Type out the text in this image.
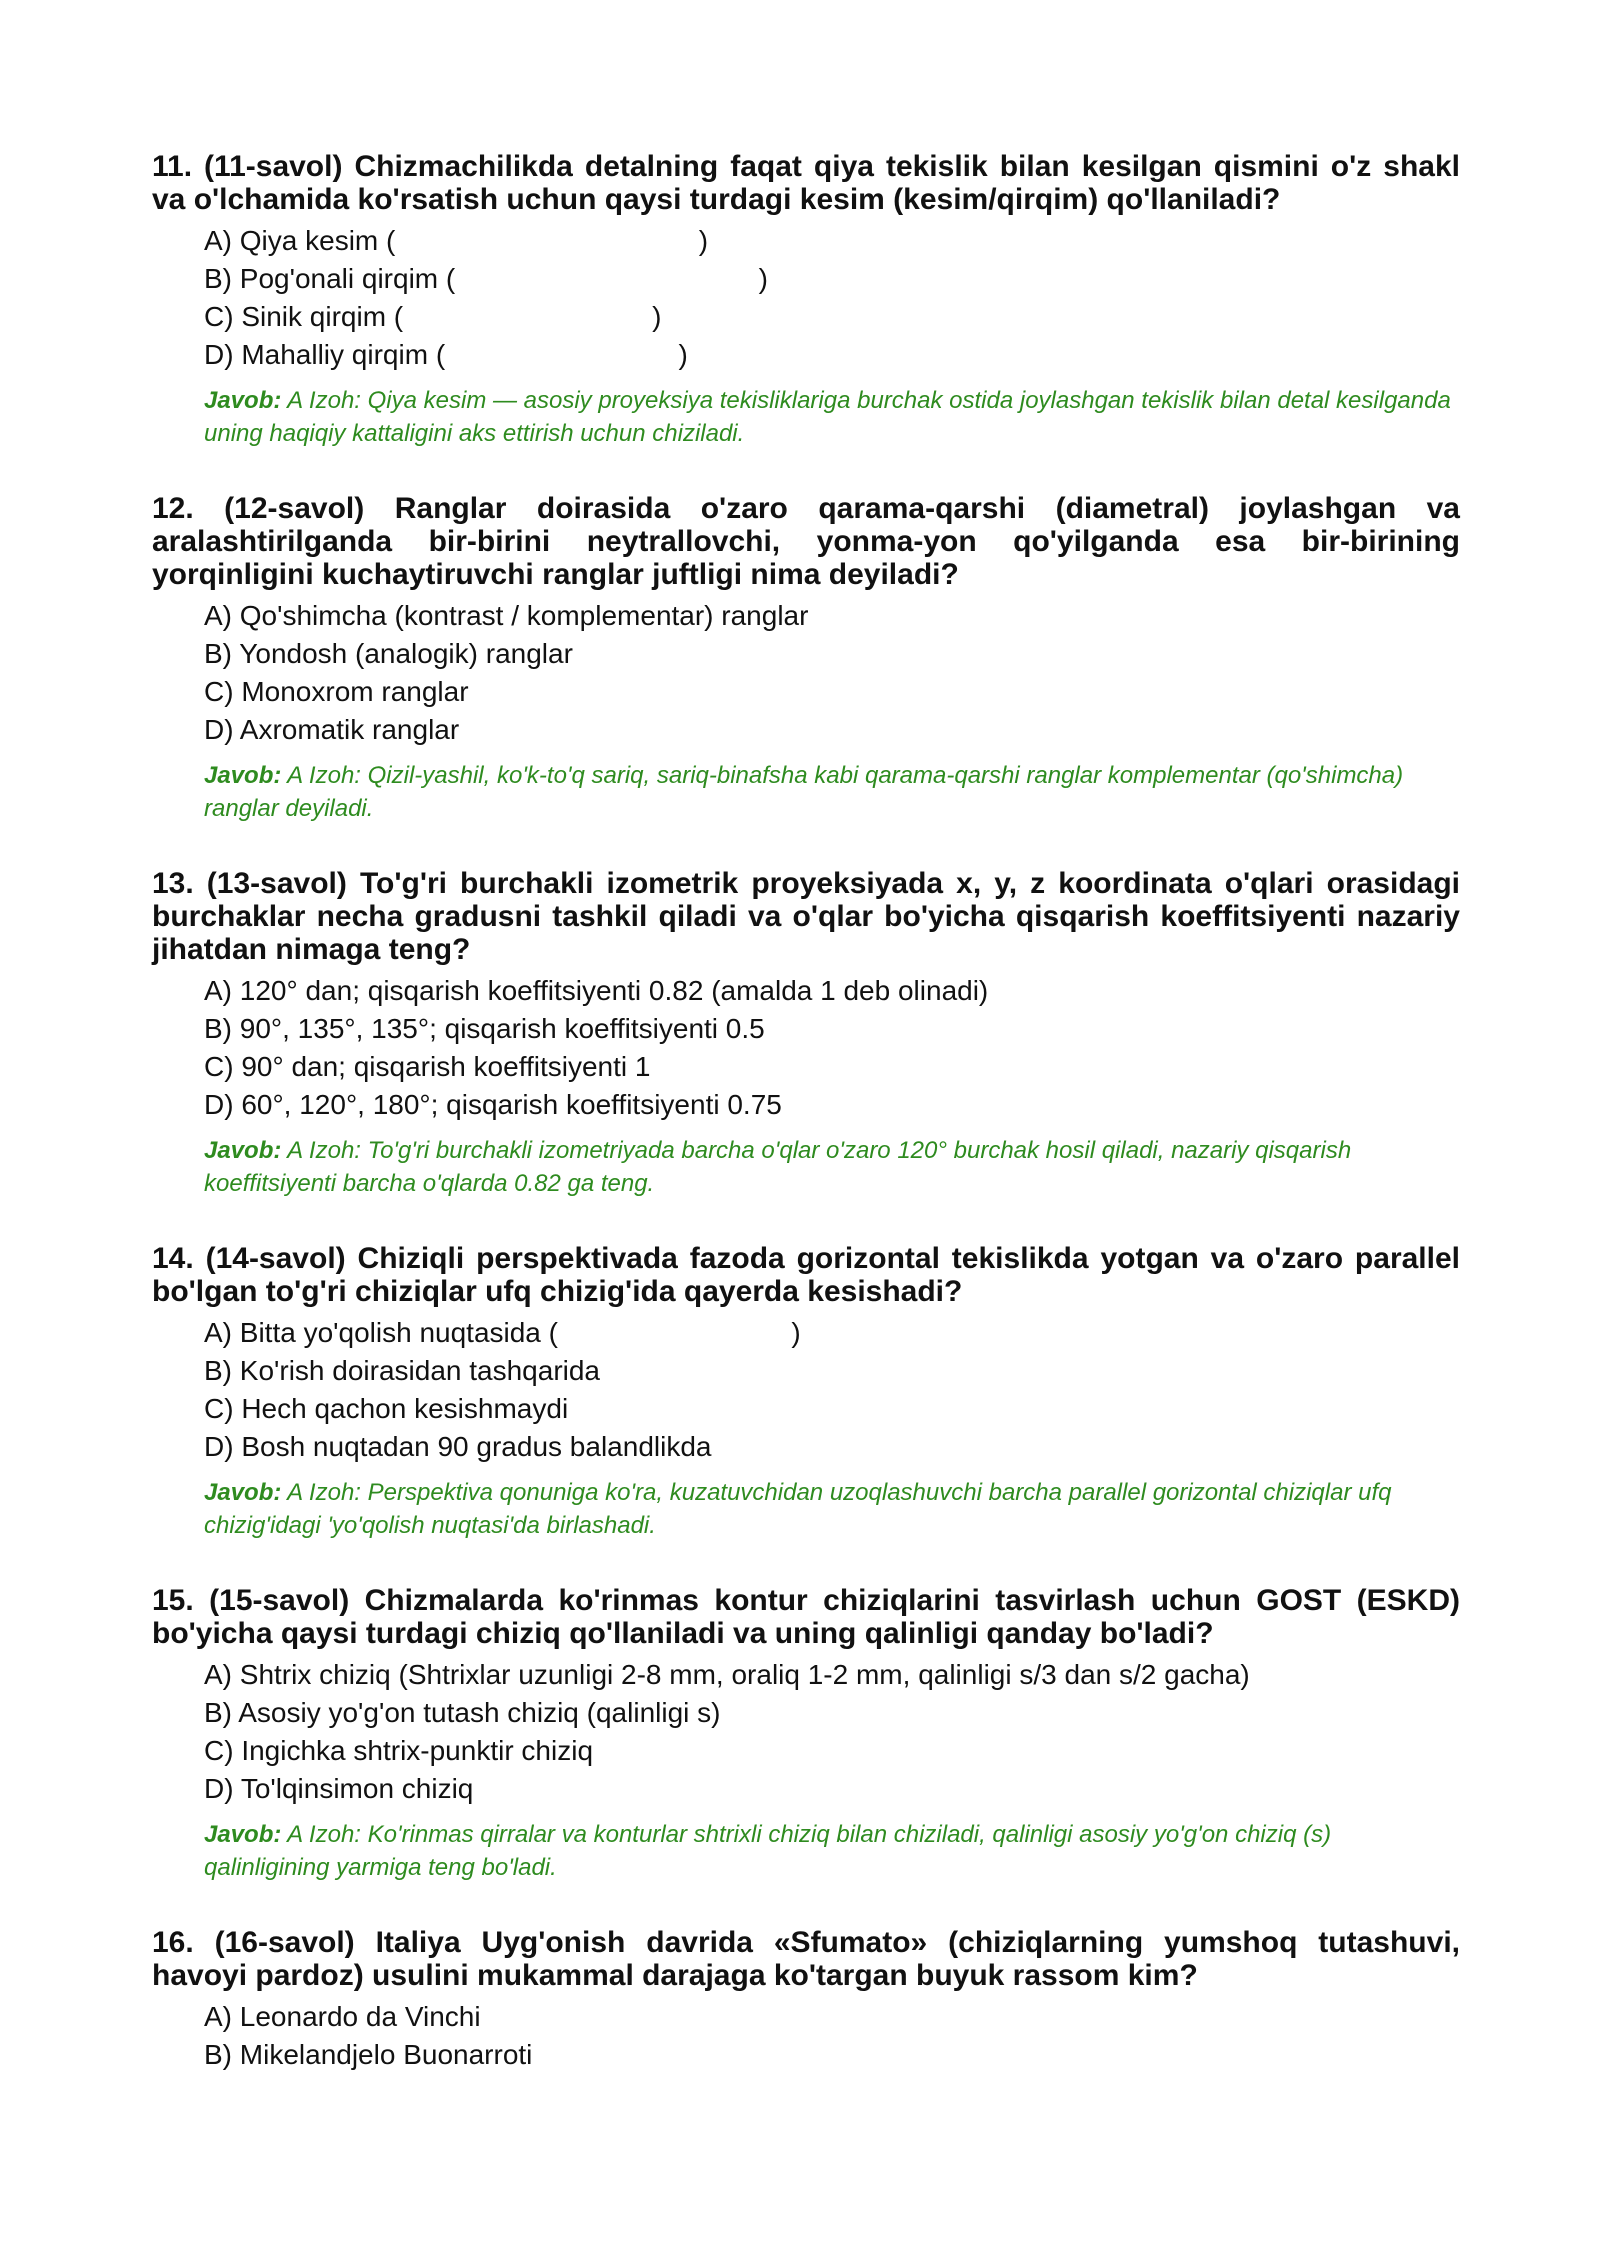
11. (11-savol) Chizmachilikda detalning faqat qiya tekislik bilan kesilgan qismini o'z shakl va o'lchamida ko'rsatish uchun qaysi turdagi kesim (kesim/qirqim) qo'llaniladi?

A) Qiya kesim (                                       )
B) Pog'onali qirqim (                                       )
C) Sinik qirqim (                                )
D) Mahalliy qirqim (                              )
Javob: A Izoh: Qiya kesim — asosiy proyeksiya tekisliklariga burchak ostida joylashgan tekislik bilan detal kesilganda uning haqiqiy kattaligini aks ettirish uchun chiziladi.

12. (12-savol) Ranglar doirasida o'zaro qarama-qarshi (diametral) joylashgan va aralashtirilganda bir-birini neytrallovchi, yonma-yon qo'yilganda esa bir-birining yorqinligini kuchaytiruvchi ranglar juftligi nima deyiladi?

A) Qo'shimcha (kontrast / komplementar) ranglar
B) Yondosh (analogik) ranglar
C) Monoxrom ranglar
D) Axromatik ranglar
Javob: A Izoh: Qizil-yashil, ko'k-to'q sariq, sariq-binafsha kabi qarama-qarshi ranglar komplementar (qo'shimcha) ranglar deyiladi.

13. (13-savol) To'g'ri burchakli izometrik proyeksiyada x, y, z koordinata o'qlari orasidagi burchaklar necha gradusni tashkil qiladi va o'qlar bo'yicha qisqarish koeffitsiyenti nazariy jihatdan nimaga teng?

A) 120° dan; qisqarish koeffitsiyenti 0.82 (amalda 1 deb olinadi)
B) 90°, 135°, 135°; qisqarish koeffitsiyenti 0.5
C) 90° dan; qisqarish koeffitsiyenti 1
D) 60°, 120°, 180°; qisqarish koeffitsiyenti 0.75
Javob: A Izoh: To'g'ri burchakli izometriyada barcha o'qlar o'zaro 120° burchak hosil qiladi, nazariy qisqarish koeffitsiyenti barcha o'qlarda 0.82 ga teng.

14. (14-savol) Chiziqli perspektivada fazoda gorizontal tekislikda yotgan va o'zaro parallel bo'lgan to'g'ri chiziqlar ufq chizig'ida qayerda kesishadi?

A) Bitta yo'qolish nuqtasida (                              )
B) Ko'rish doirasidan tashqarida
C) Hech qachon kesishmaydi
D) Bosh nuqtadan 90 gradus balandlikda
Javob: A Izoh: Perspektiva qonuniga ko'ra, kuzatuvchidan uzoqlashuvchi barcha parallel gorizontal chiziqlar ufq chizig'idagi 'yo'qolish nuqtasi'da birlashadi.

15. (15-savol) Chizmalarda ko'rinmas kontur chiziqlarini tasvirlash uchun GOST (ESKD) bo'yicha qaysi turdagi chiziq qo'llaniladi va uning qalinligi qanday bo'ladi?

A) Shtrix chiziq (Shtrixlar uzunligi 2-8 mm, oraliq 1-2 mm, qalinligi s/3 dan s/2 gacha)
B) Asosiy yo'g'on tutash chiziq (qalinligi s)
C) Ingichka shtrix-punktir chiziq
D) To'lqinsimon chiziq
Javob: A Izoh: Ko'rinmas qirralar va konturlar shtrixli chiziq bilan chiziladi, qalinligi asosiy yo'g'on chiziq (s) qalinligining yarmiga teng bo'ladi.

16. (16-savol) Italiya Uyg'onish davrida «Sfumato» (chiziqlarning yumshoq tutashuvi, havoyi pardoz) usulini mukammal darajaga ko'targan buyuk rassom kim?

A) Leonardo da Vinchi
B) Mikelandjelo Buonarroti
